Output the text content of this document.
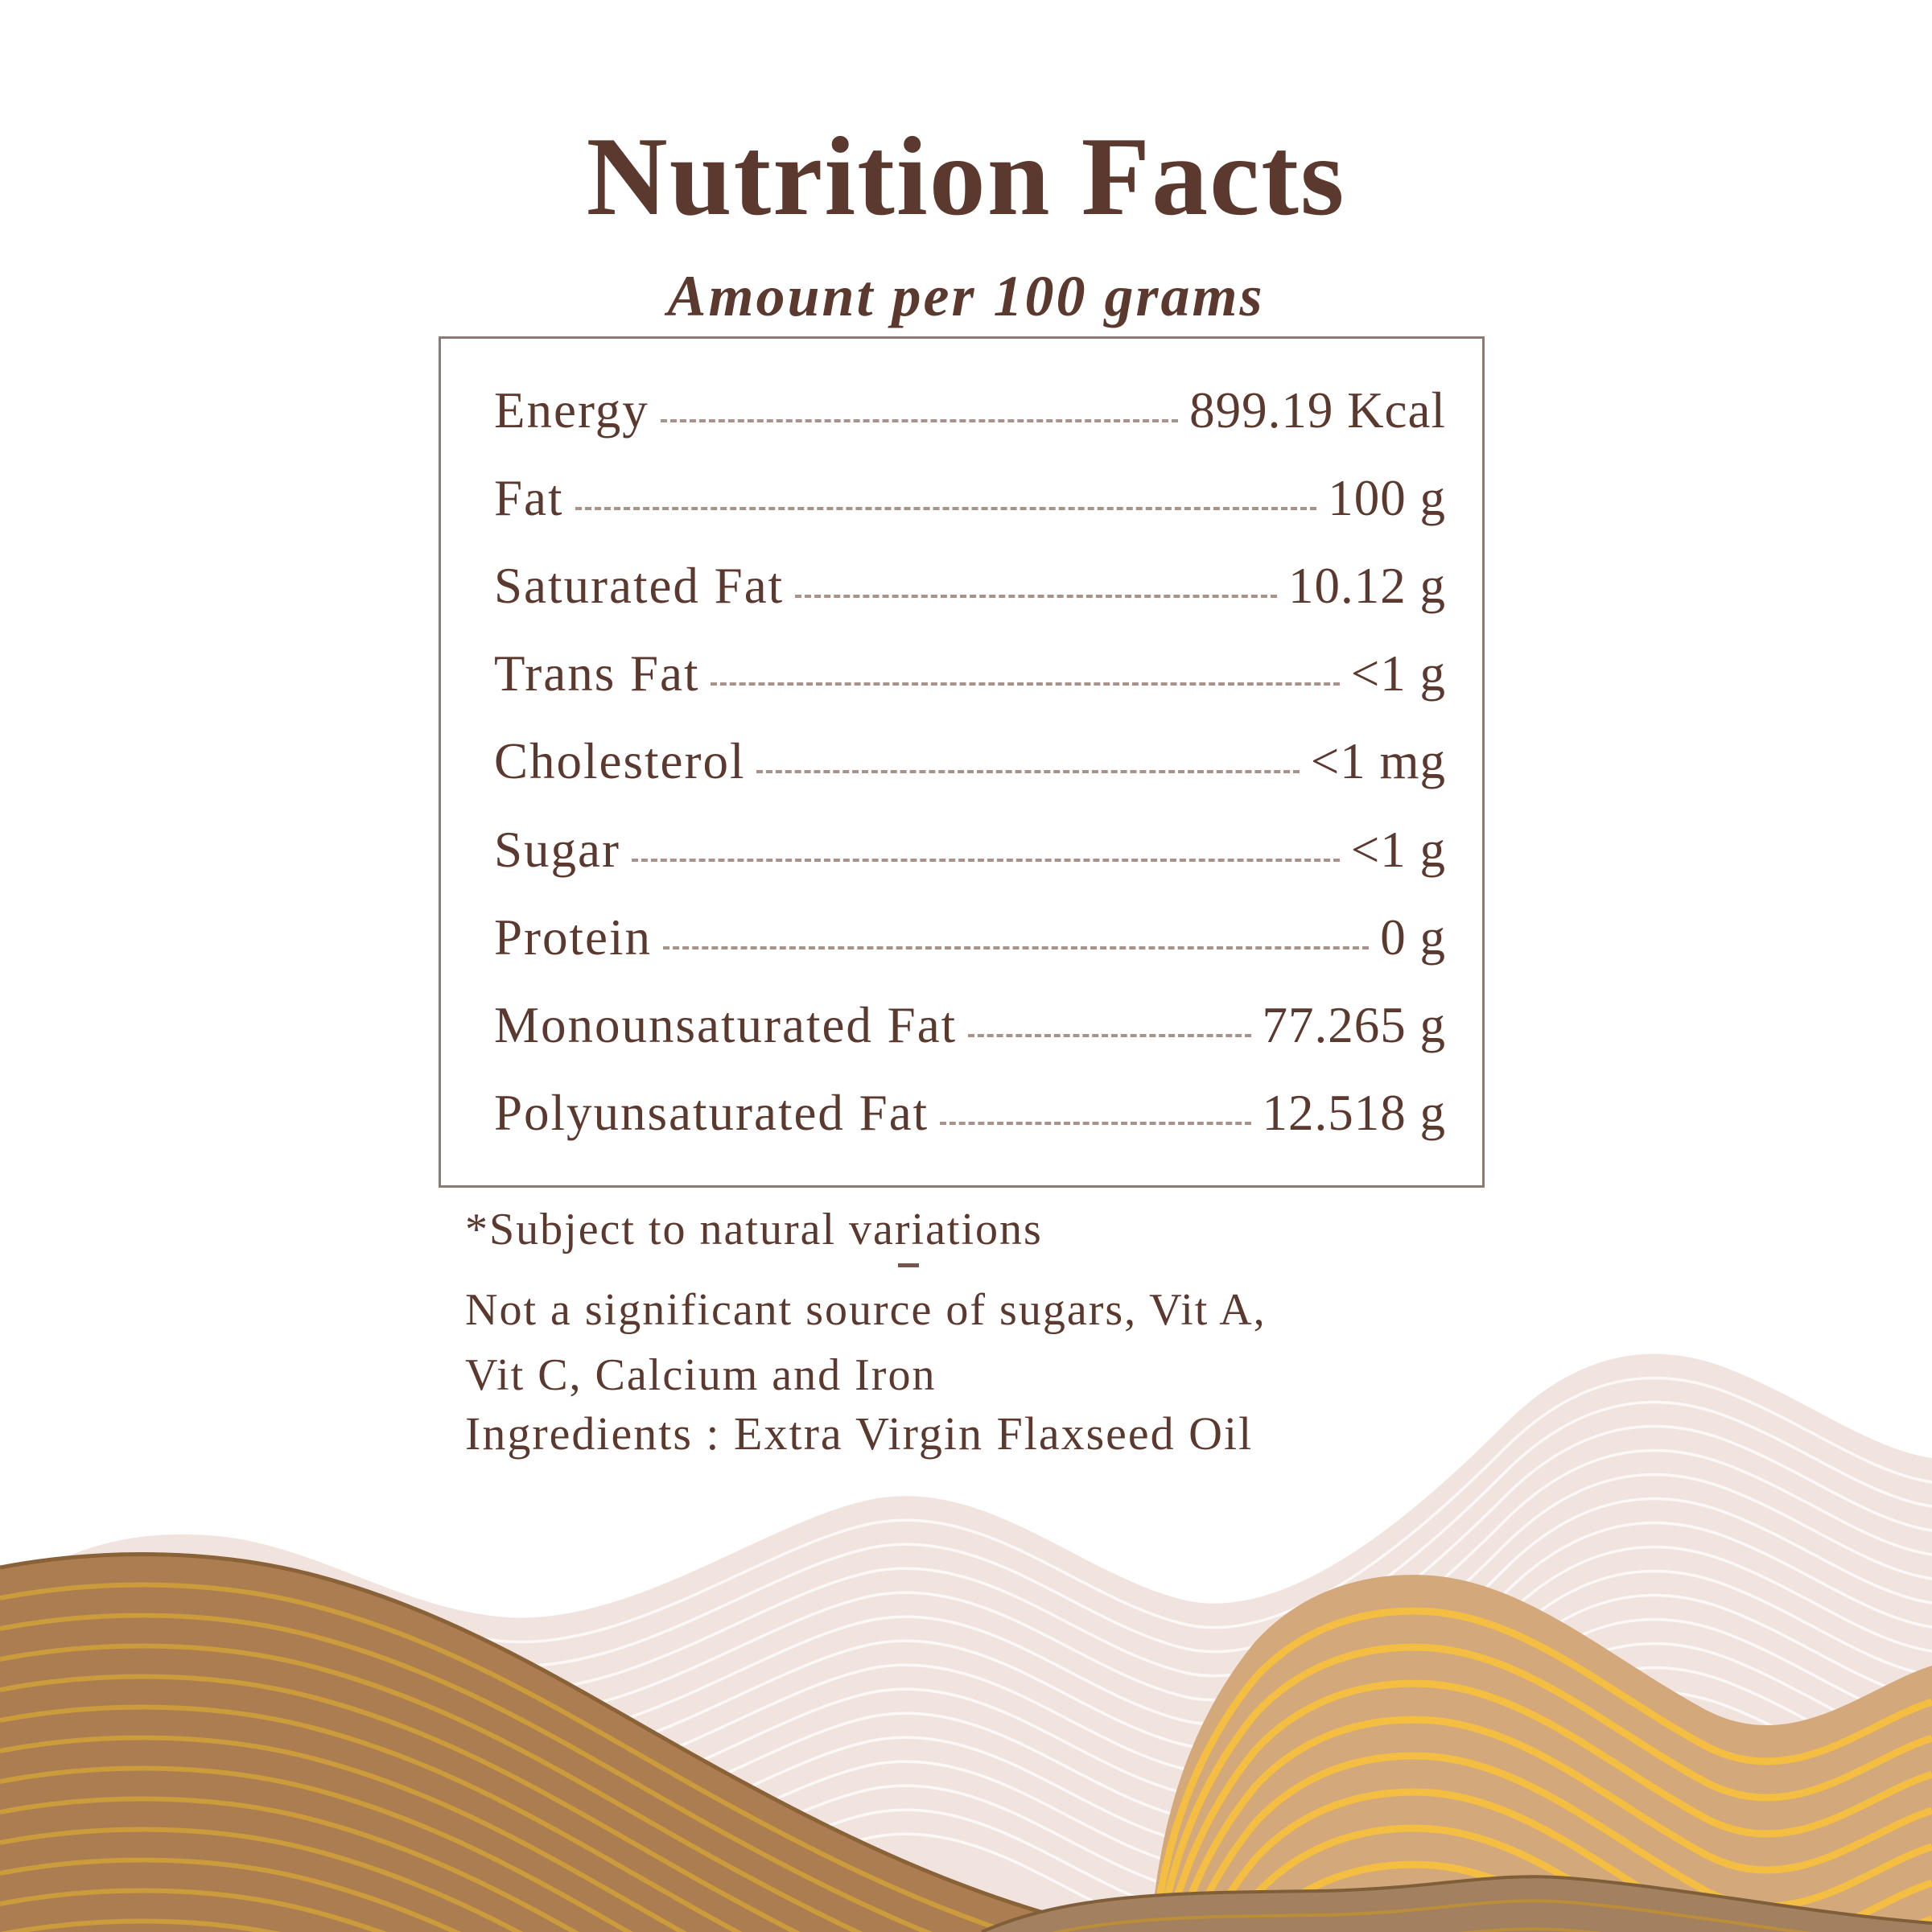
Nutrition Facts
Amount per 100 grams
Energy	899.19 Kcal
Fat	100 g
Saturated Fat	10.12 g
Trans Fat	<1 g
Cholesterol	<1 mg
Sugar	<1 g
Protein	0 g
Monounsaturated Fat	77.265 g
Polyunsaturated Fat	12.518 g
*Subject to natural variations
Not a significant source of sugars, Vit A,
Vit C, Calcium and Iron
Ingredients : Extra Virgin Flaxseed Oil
